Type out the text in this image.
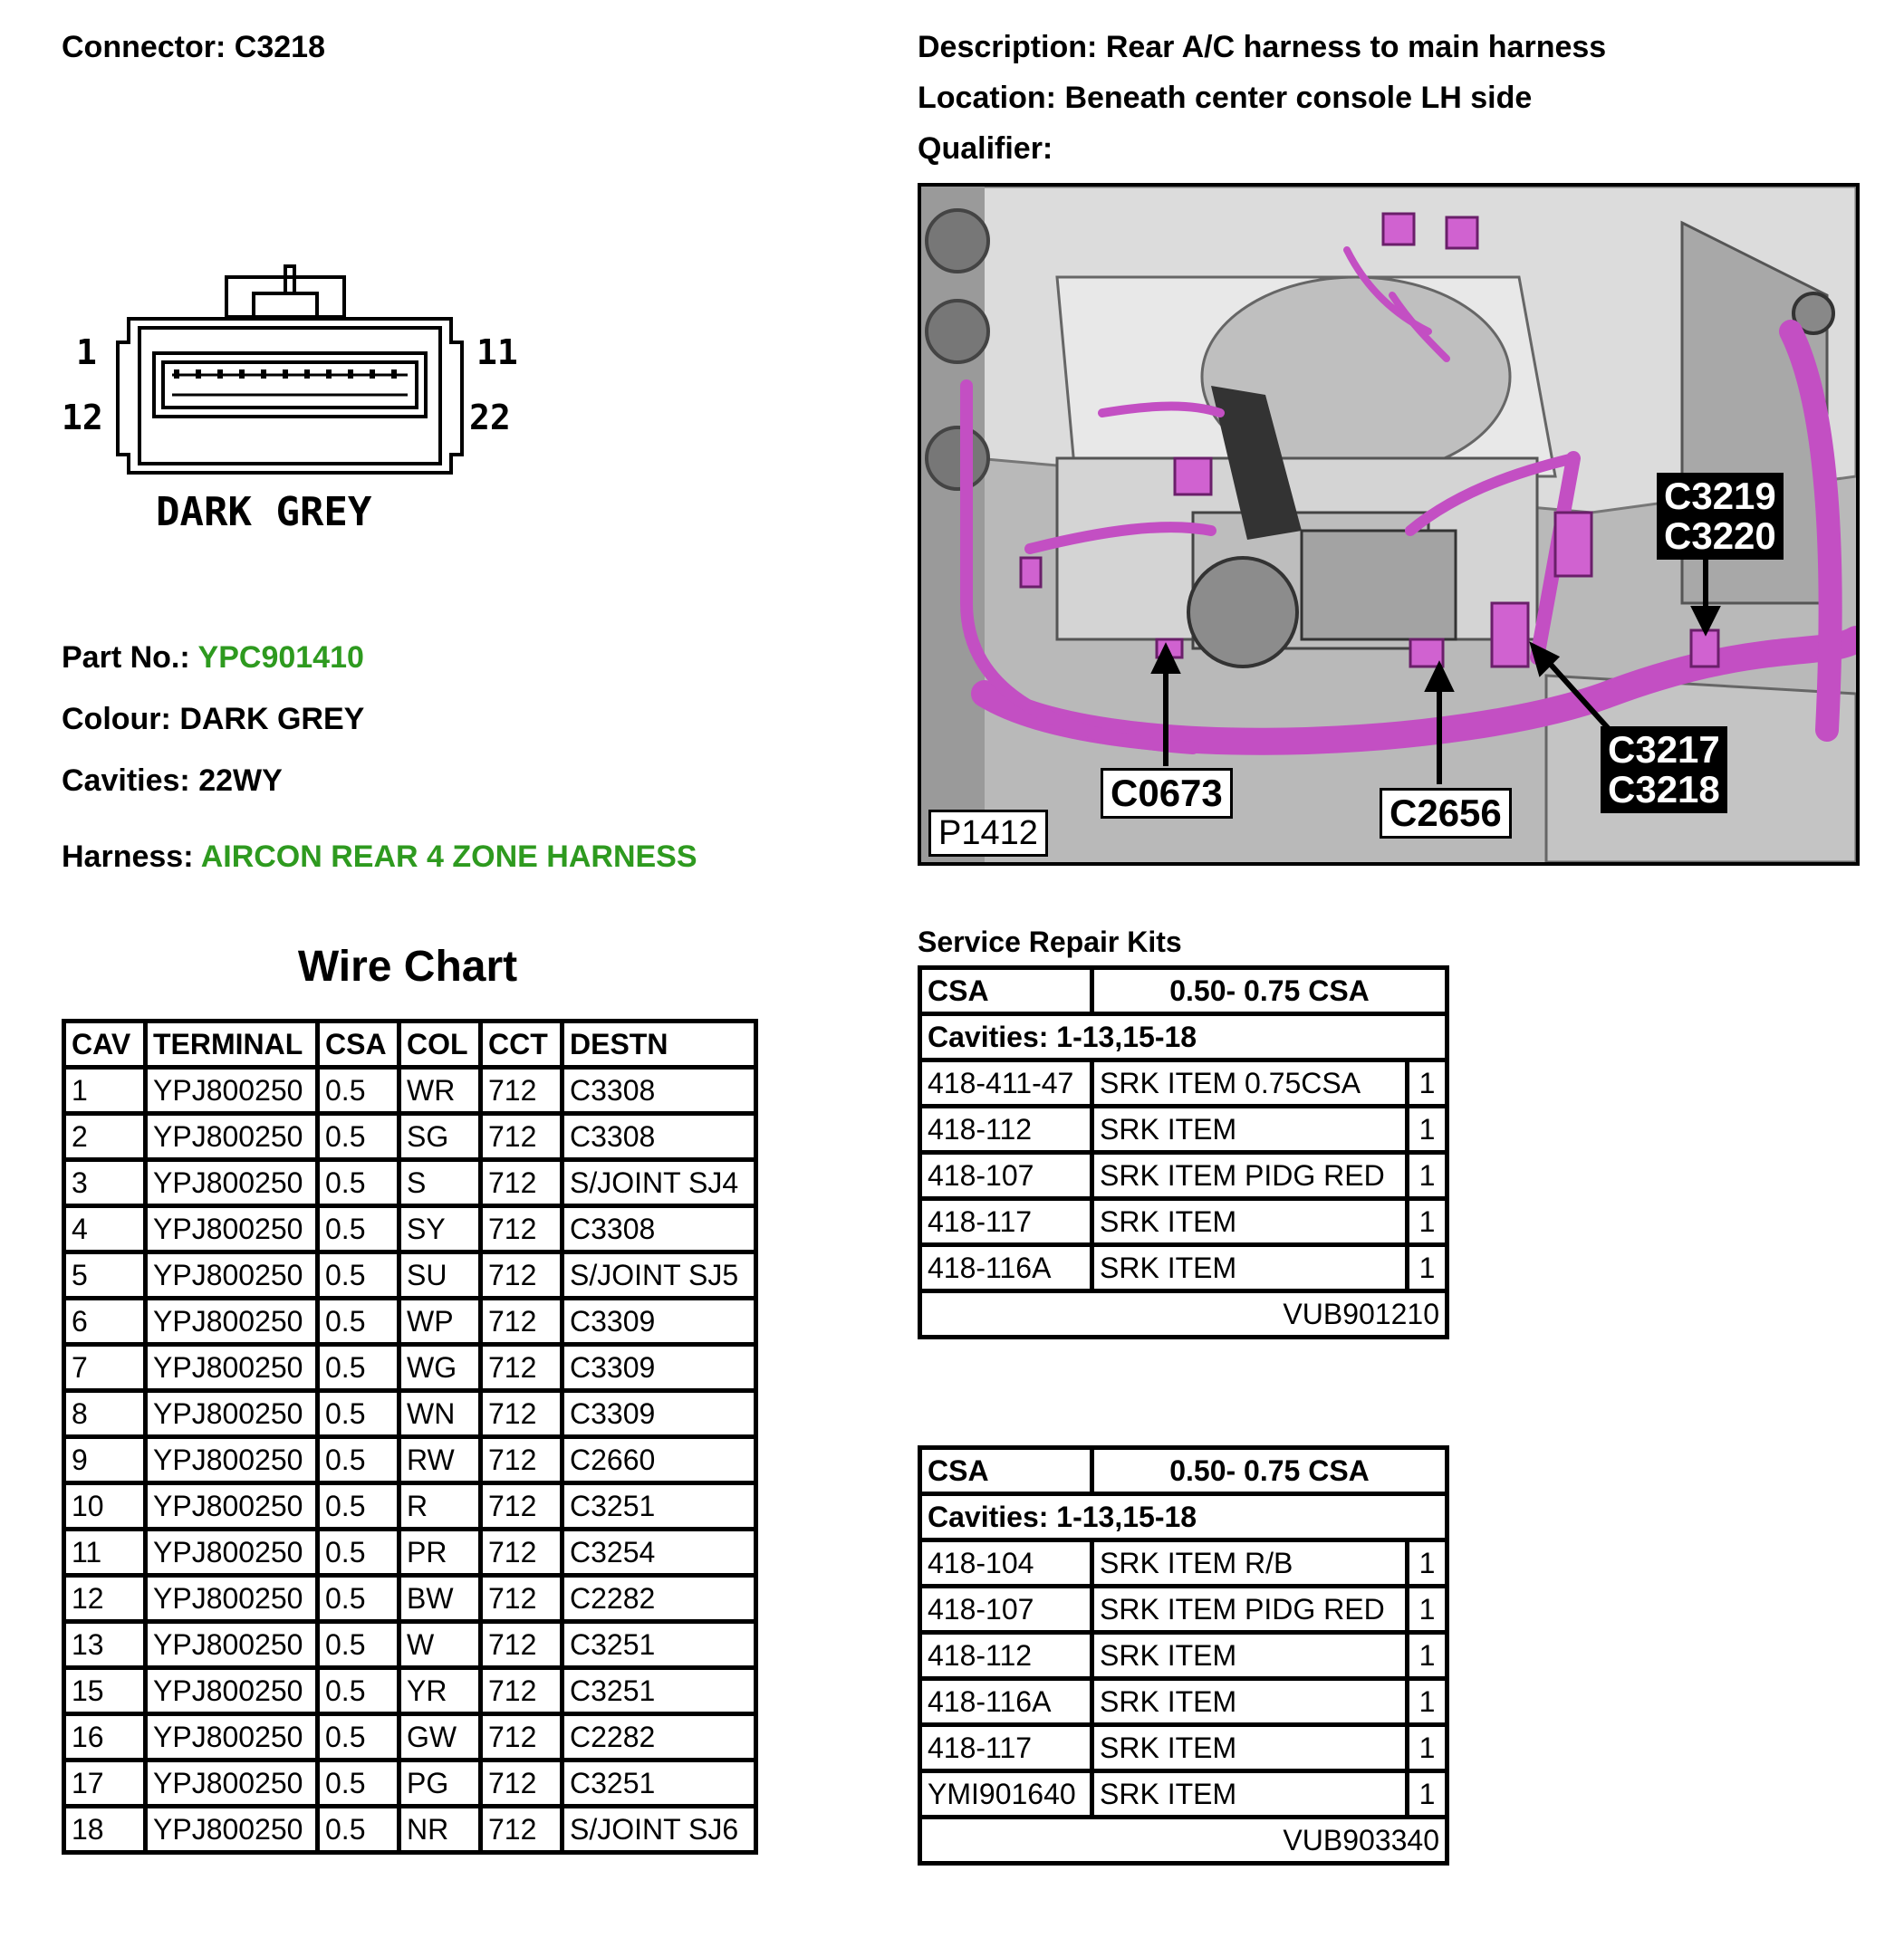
Connector: C3218	Description: Rear A/C harness to main harness
Location: Beneath center console LH side
Qualifier:
1
12
11
22
DARK GREY
Part No.: YPC901410
Colour: DARK GREY
Cavities: 22WY
Harness: AIRCON REAR 4 ZONE HARNESS
Wire Chart
CAV	TERMINAL	CSA	COL	CCT	DESTN
1	YPJ800250	0.5	WR	712	C3308
2	YPJ800250	0.5	SG	712	C3308
3	YPJ800250	0.5	S	712	S/JOINT SJ4
4	YPJ800250	0.5	SY	712	C3308
5	YPJ800250	0.5	SU	712	S/JOINT SJ5
6	YPJ800250	0.5	WP	712	C3309
7	YPJ800250	0.5	WG	712	C3309
8	YPJ800250	0.5	WN	712	C3309
9	YPJ800250	0.5	RW	712	C2660
10	YPJ800250	0.5	R	712	C3251
11	YPJ800250	0.5	PR	712	C3254
12	YPJ800250	0.5	BW	712	C2282
13	YPJ800250	0.5	W	712	C3251
15	YPJ800250	0.5	YR	712	C3251
16	YPJ800250	0.5	GW	712	C2282
17	YPJ800250	0.5	PG	712	C3251
18	YPJ800250	0.5	NR	712	S/JOINT SJ6
C3219
C3220
C3217
C3218
C0673	C2656
P1412
Service Repair Kits
CSA	0.50- 0.75 CSA	
Cavities: 1-13,15-18		
418-411-47	SRK ITEM 0.75CSA	1
418-112	SRK ITEM	1
418-107	SRK ITEM PIDG RED	1
418-117	SRK ITEM	1
418-116A	SRK ITEM	1
VUB901210		
CSA	0.50- 0.75 CSA	
Cavities: 1-13,15-18		
418-104	SRK ITEM R/B	1
418-107	SRK ITEM PIDG RED	1
418-112	SRK ITEM	1
418-116A	SRK ITEM	1
418-117	SRK ITEM	1
YMI901640	SRK ITEM	1
VUB903340		
